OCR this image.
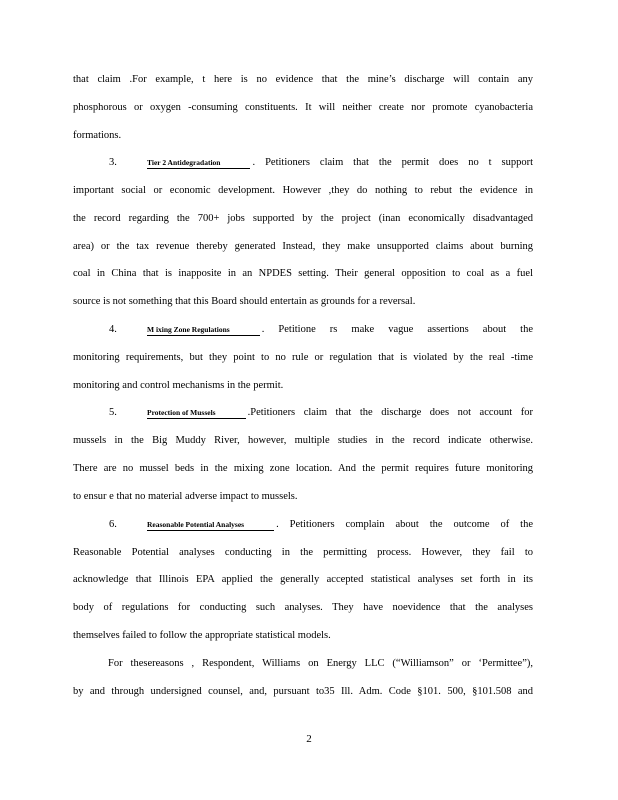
that claim .For example, t here is no evidence that the mine’s discharge will contain any
phosphorous or oxygen -consuming constituents. It will neither create nor promote cyanobacteria
formations.
3.	Tier 2 Antidegradation	. Petitioners claim that the permit does no t support
important social or economic development. However ,they do nothing to rebut the evidence in
the record regarding the 700+ jobs supported by the project (inan economically disadvantaged
area) or the tax revenue thereby generated Instead, they make unsupported claims about burning
coal in China that is inapposite in an NPDES setting. Their general opposition to coal as a fuel
source is not something that this Board should entertain as grounds for a reversal.
4.	M ixing Zone Regulations	. Petitione rs make vague assertions about the
monitoring requirements, but they point to no rule or regulation that is violated by the real -time
monitoring and control mechanisms in the permit.
5.	Protection of Mussels	.Petitioners claim that the discharge does not account for
mussels in the Big Muddy River, however, multiple studies in the record indicate otherwise.
There are no mussel beds in the mixing zone location. And the permit requires future monitoring
to ensur e that no material adverse impact to mussels.
6.	Reasonable Potential Analyses	. Petitioners complain about the outcome of the
Reasonable Potential analyses conducting in the permitting process. However, they fail to
acknowledge that Illinois EPA applied the generally accepted statistical analyses set forth in its
body of regulations for conducting such analyses. They have noevidence that the analyses
themselves failed to follow the appropriate statistical models.
For thesereasons , Respondent, Williams on Energy LLC (“Williamson” or ‘Permittee”),
by and through undersigned counsel, and, pursuant to35 Ill. Adm. Code §101. 500, §101.508 and
2
